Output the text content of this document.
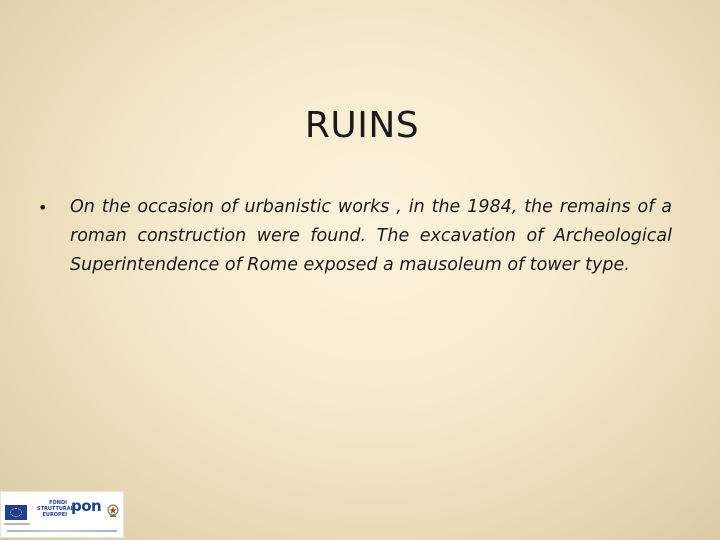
RUINS
• On the occasion of urbanistic works , in the 1984, the remains of a roman construction were found. The excavation of Archeological Superintendence of Rome exposed a mausoleum of tower type.
FONDI
STRUTTURALI
EUROPEI pon
